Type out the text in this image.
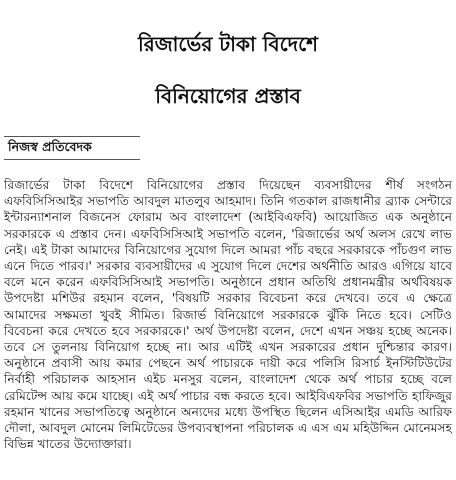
রিজার্ভের টাকা বিদেশে
বিনিয়োগের প্রস্তাব
নিজস্ব প্রতিবেদক

রিজার্ভের টাকা বিদেশে বিনিয়োগের প্রস্তাব দিয়েছেন ব্যবসায়ীদের শীর্ষ সংগঠন এফবিসিসিআইর সভাপতি আবদুল মাতলুব আহমাদ। তিনি গতকাল রাজধানীর ব্র্যাক সেন্টারে ইন্টারন্যাশনাল বিজনেস ফোরাম অব বাংলাদেশ (আইবিএফবি) আয়োজিত এক অনুষ্ঠানে সরকারকে এ প্রস্তাব দেন। এফবিসিসিআই সভাপতি বলেন, 'রিজার্ভের অর্থ অলস রেখে লাভ নেই। এই টাকা আমাদের বিনিয়োগের সুযোগ দিলে আমরা পাঁচ বছরে সরকারকে পাঁচগুণ লাভ এনে দিতে পারব।' সরকার ব্যবসায়ীদের এ সুযোগ দিলে দেশের অর্থনীতি আরও এগিয়ে যাবে বলে মনে করেন এফবিসিসিআই সভাপতি। অনুষ্ঠানে প্রধান অতিথি প্রধানমন্ত্রীর অর্থবিষয়ক উপদেষ্টা মশিউর রহমান বলেন, 'বিষয়টি সরকার বিবেচনা করে দেখবে। তবে এ ক্ষেত্রে আমাদের সক্ষমতা খুবই সীমিত। রিজার্ভ বিনিয়োগে সরকারকে ঝুঁকি নিতে হবে। সেটিও বিবেচনা করে দেখতে হবে সরকারকে।' অর্থ উপদেষ্টা বলেন, দেশে এখন সঞ্চয় হচ্ছে অনেক। তবে সে তুলনায় বিনিয়োগ হচ্ছে না। আর এটিই এখন সরকারের প্রধান দুশ্চিন্তার কারণ। অনুষ্ঠানে প্রবাসী আয় কমার পেছনে অর্থ পাচারকে দায়ী করে পলিসি রিসার্চ ইনস্টিটিউটের নির্বাহী পরিচালক আহসান এইচ মনসুর বলেন, বাংলাদেশ থেকে অর্থ পাচার হচ্ছে বলে রেমিটেন্স আয় কমে যাচ্ছে। এই অর্থ পাচার বন্ধ করতে হবে। আইবিএফবির সভাপতি হাফিজুর রহমান খানের সভাপতিত্বে অনুষ্ঠানে অন্যদের মধ্যে উপস্থিত ছিলেন এসিআইর এমডি আরিফ দৌলা, আবদুল মোনেম লিমিটেডের উপব্যবস্থাপনা পরিচালক এ এস এম মহিউদ্দিন মোনেমসহ বিভিন্ন খাতের উদ্যোক্তারা।
